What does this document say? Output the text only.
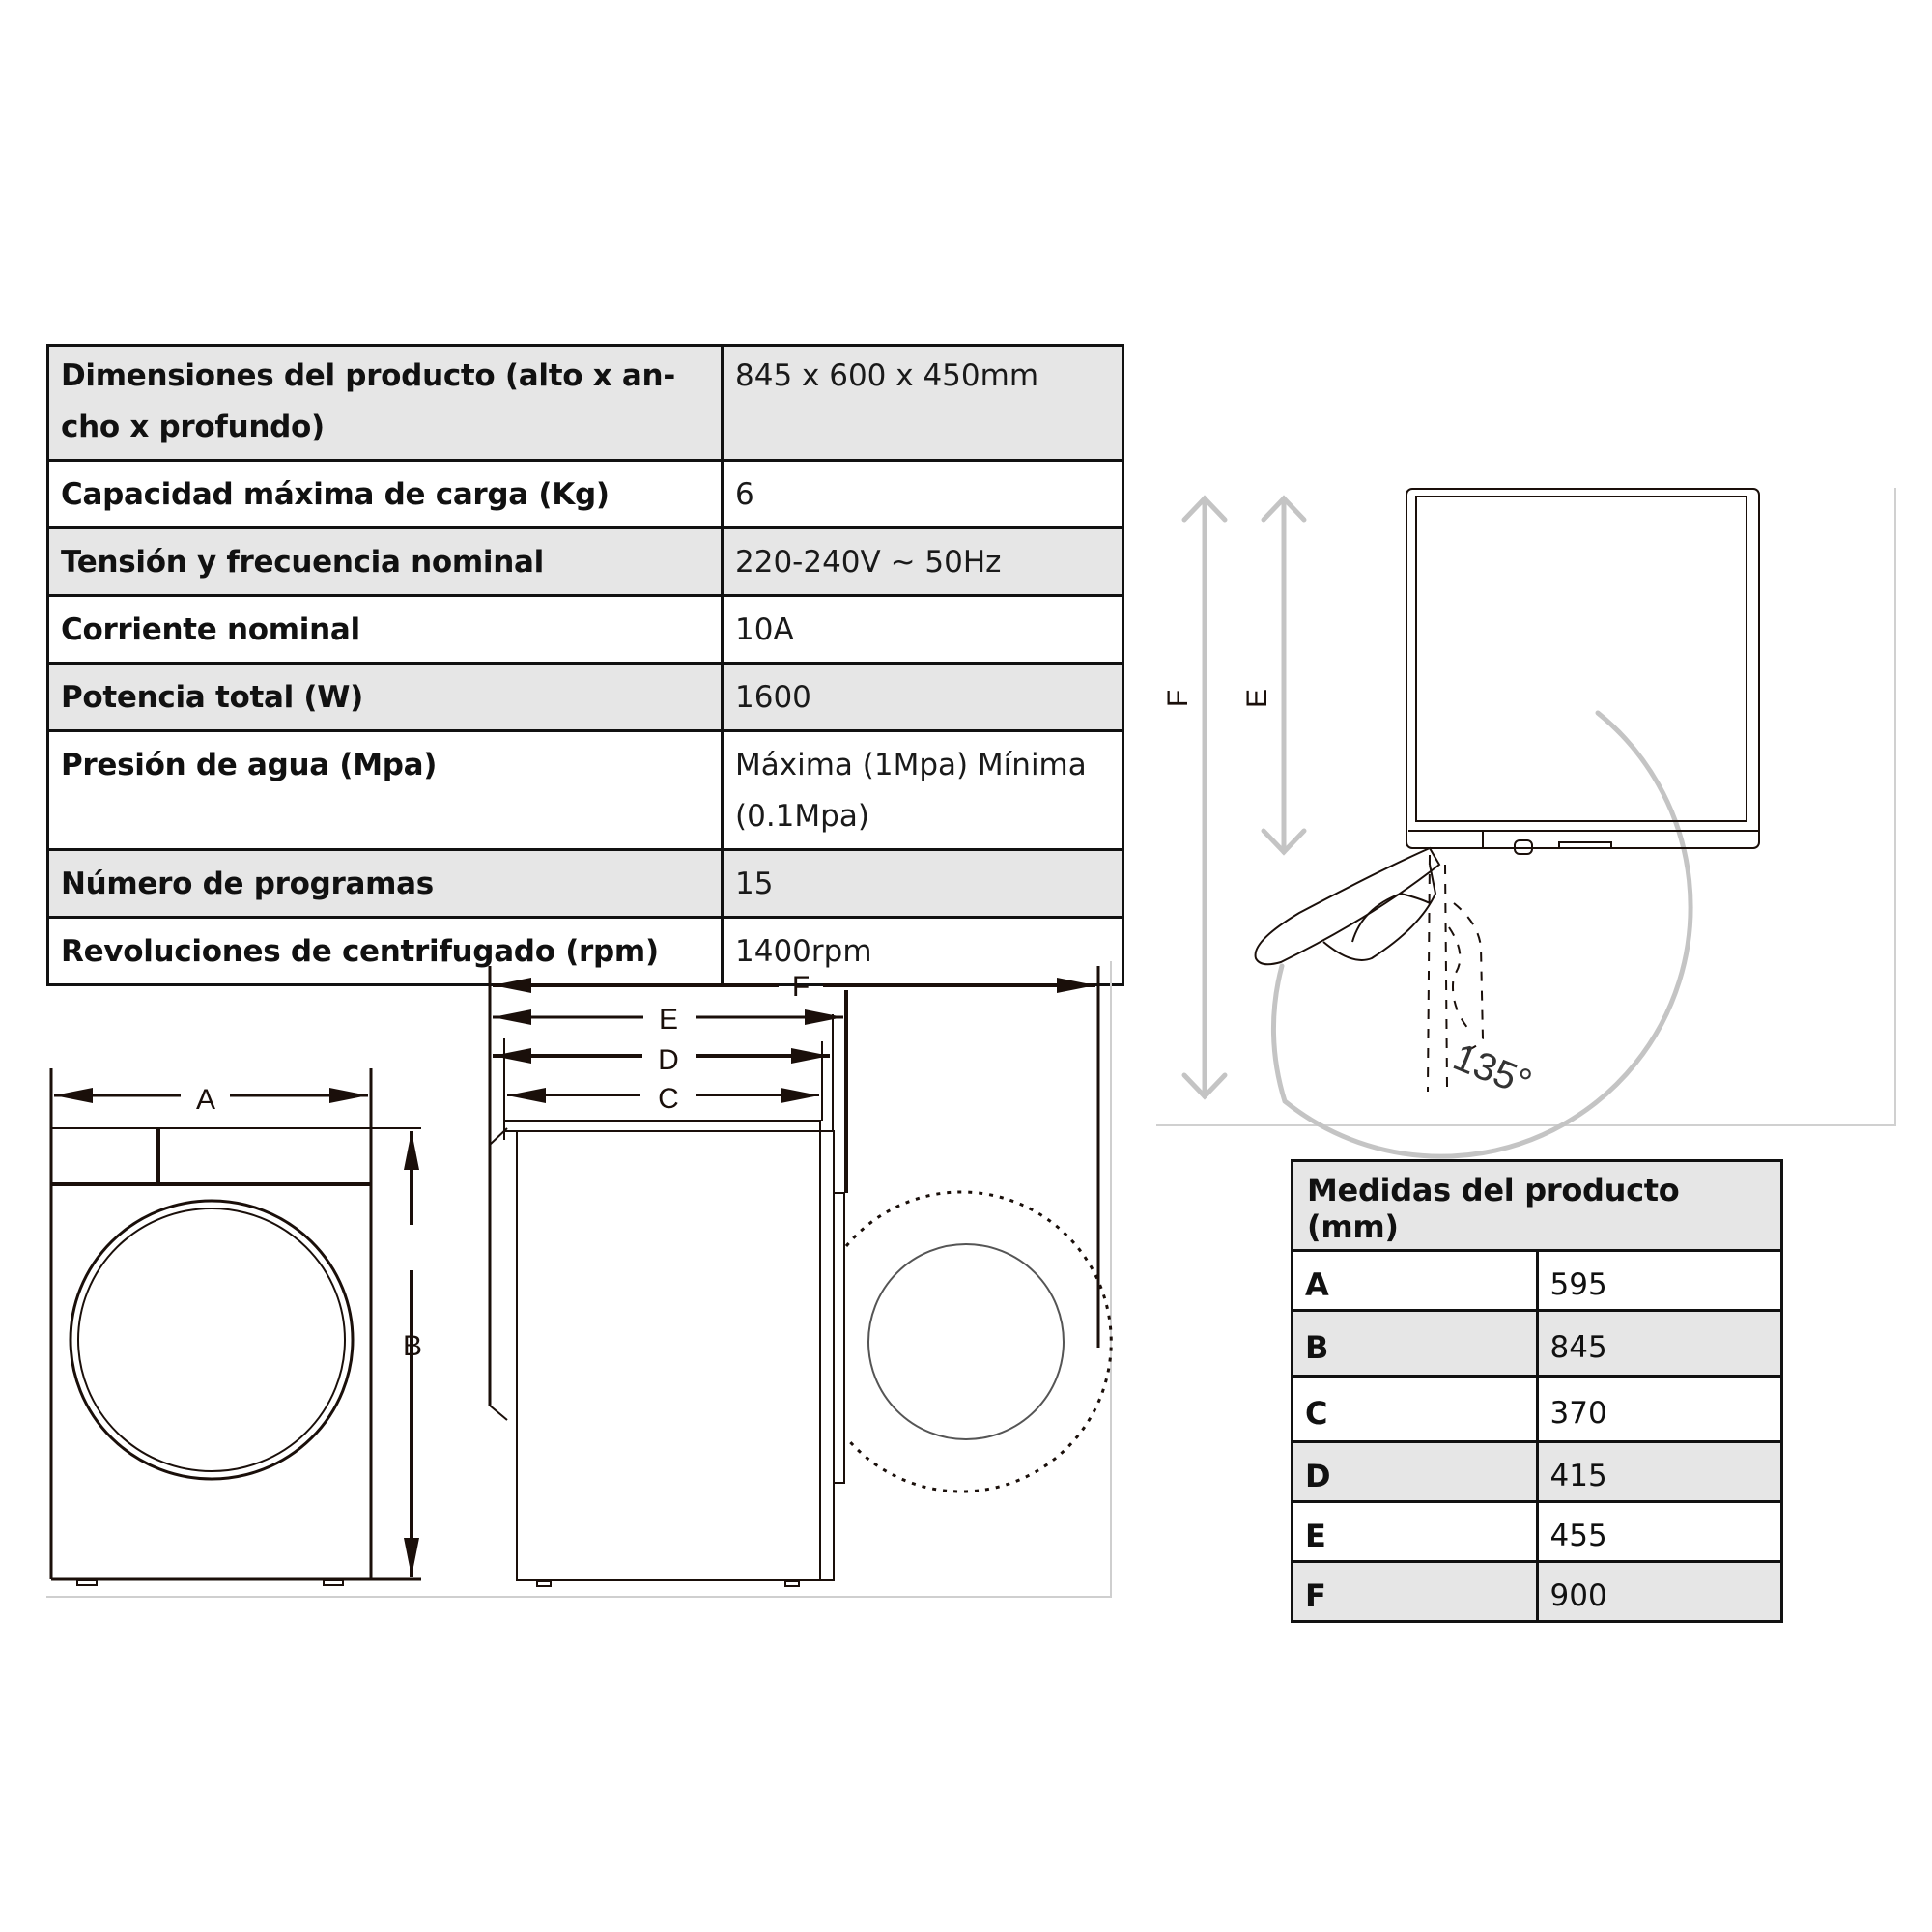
Dimensiones del producto (alto x an-
cho x profundo)	845 x 600 x 450mm
Capacidad máxima de carga (Kg)	6
Tensión y frecuencia nominal	220-240V ~ 50Hz
Corriente nominal	10A
Potencia total (W)	1600
Presión de agua (Mpa)	Máxima (1Mpa) Mínima
(0.1Mpa)

Número de programas	15
Revoluciones de centrifugado (rpm)	1400rpm
A
B
F
E
D
C
F E
135°
Medidas del producto (mm)	
A	595
B	845
C	370
D	415
E	455
F	900
